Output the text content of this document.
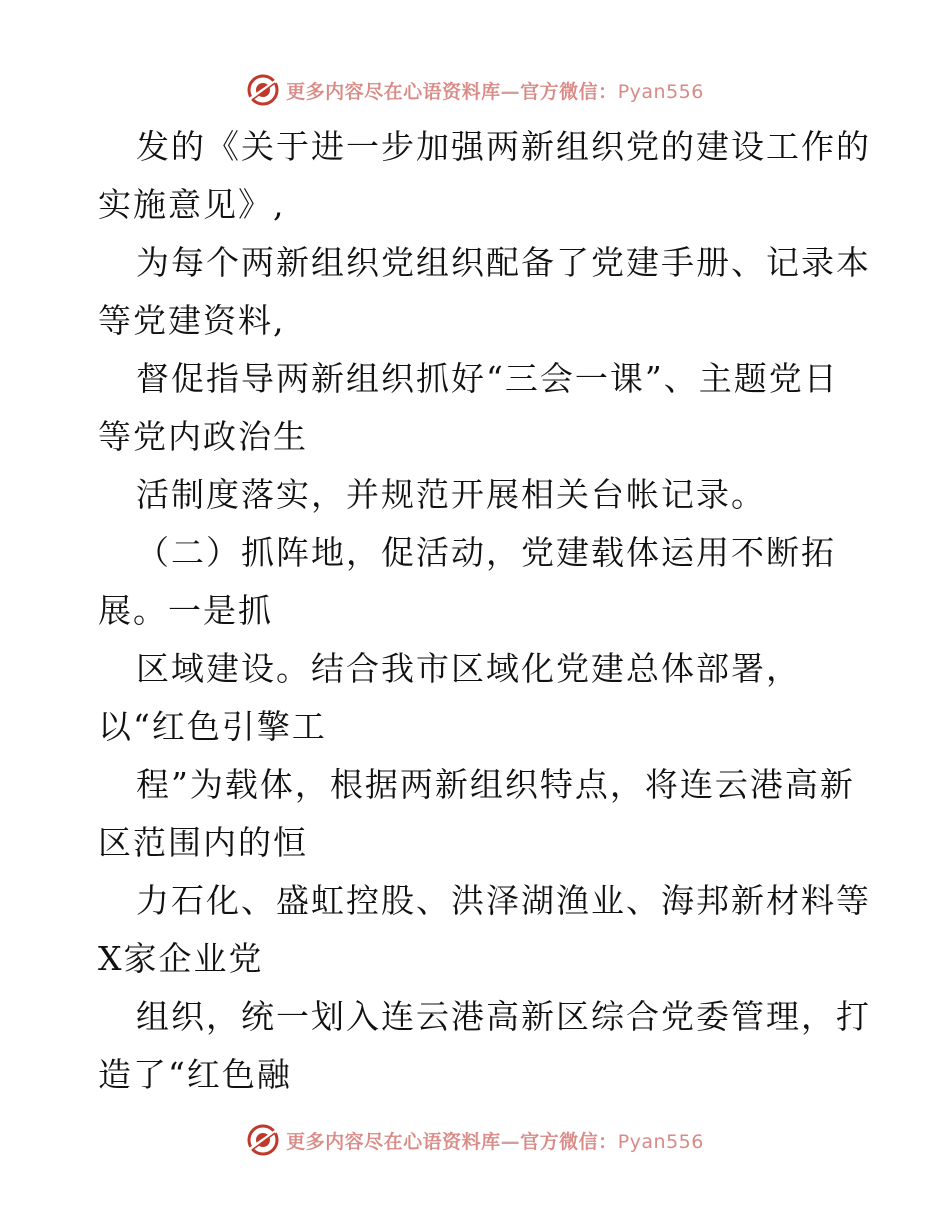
更多内容尽在心语资料库—官方微信：Pyan556
发的《关于进一步加强两新组织党的建设工作的
实施意见》,
为每个两新组织党组织配备了党建手册、记录本
等党建资料,
督促指导两新组织抓好“三会一课”、主题党日
等党内政治生
活制度落实，并规范开展相关台帐记录。
（二）抓阵地，促活动，党建载体运用不断拓
展。一是抓
区域建设。结合我市区域化党建总体部署，
以“红色引擎工
程”为载体，根据两新组织特点，将连云港高新
区范围内的恒
力石化、盛虹控股、洪泽湖渔业、海邦新材料等
X家企业党
组织，统一划入连云港高新区综合党委管理，打
造了“红色融
更多内容尽在心语资料库—官方微信：Pyan556
